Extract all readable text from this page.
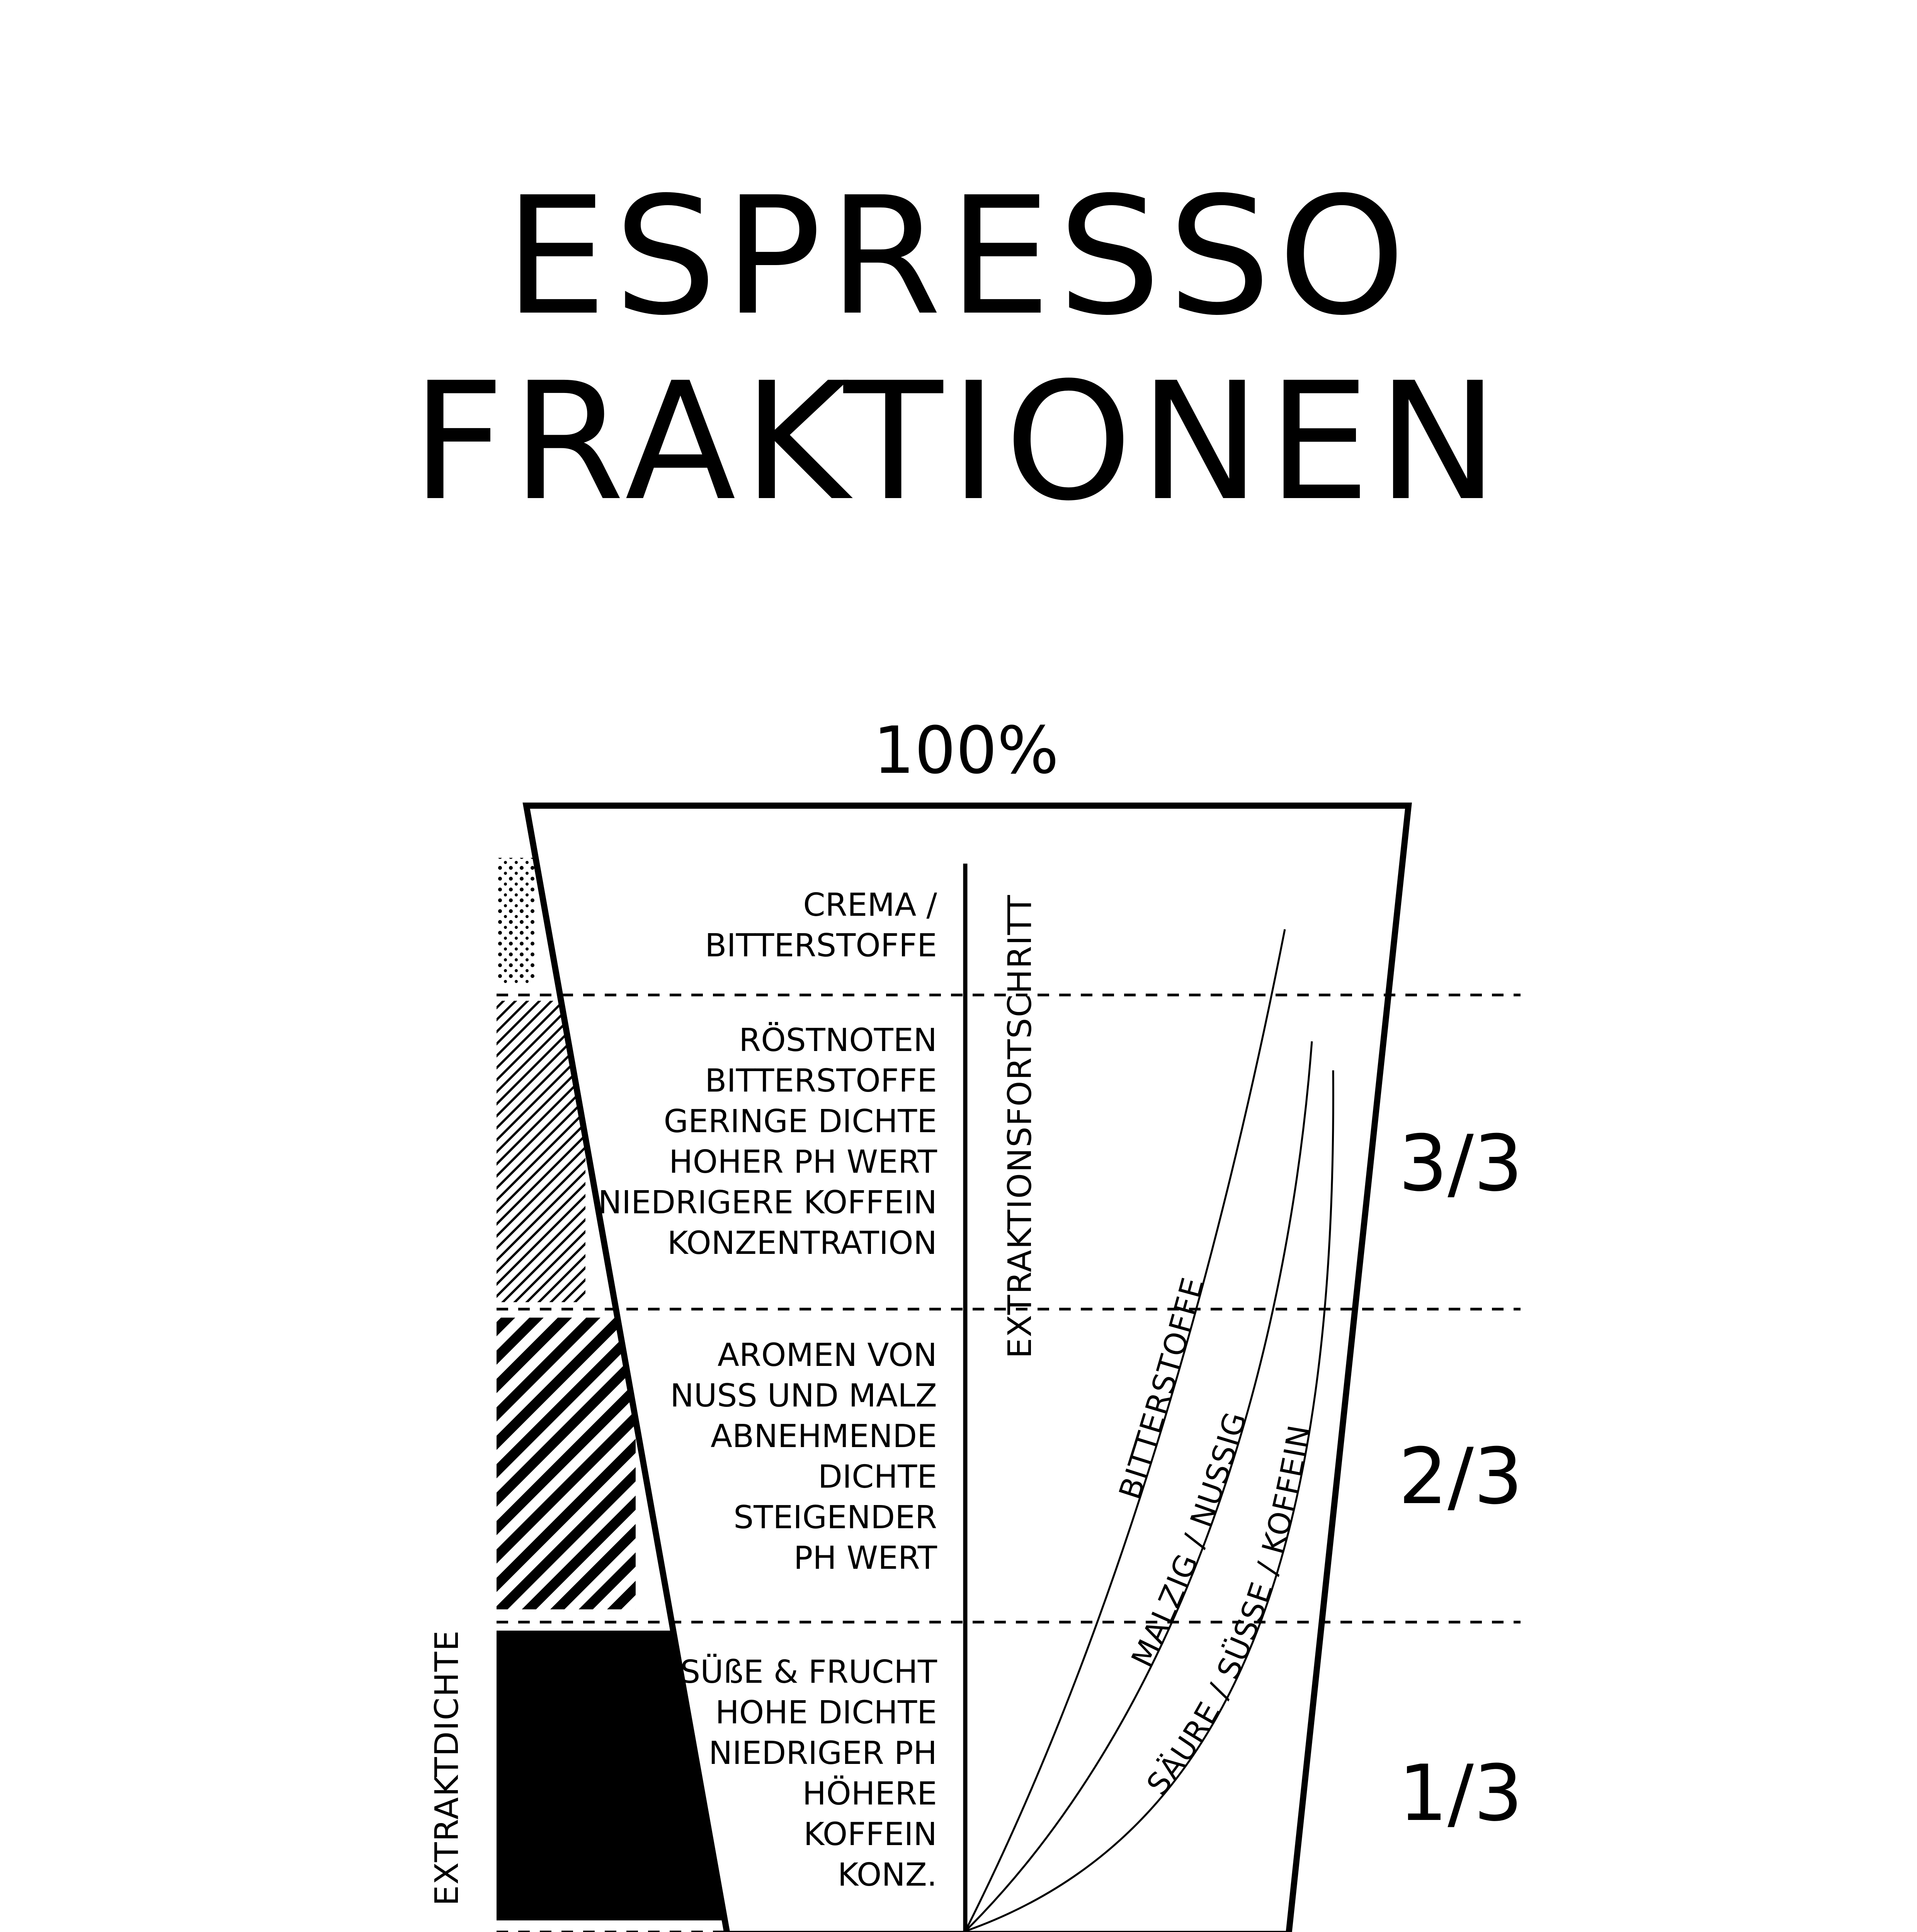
ESPRESSO
FRAKTIONEN
100%
CREMA /
BITTERSTOFFE
RÖSTNOTEN
BITTERSTOFFE
GERINGE DICHTE
HOHER PH WERT
NIEDRIGERE KOFFEIN
KONZENTRATION
AROMEN VON
NUSS UND MALZ
ABNEHMENDE
DICHTE
STEIGENDER
PH WERT
SÜßE & FRUCHT
HOHE DICHTE
NIEDRIGER PH
HÖHERE
KOFFEIN
KONZ.
EXTRAKTIONSFORTSCHRITT
EXTRAKTDICHTE
3/3
2/3
1/3
BITTERSTOFFE
MALZIG / NUSSIG
SÄURE / SÜSSE / KOFFEIN
